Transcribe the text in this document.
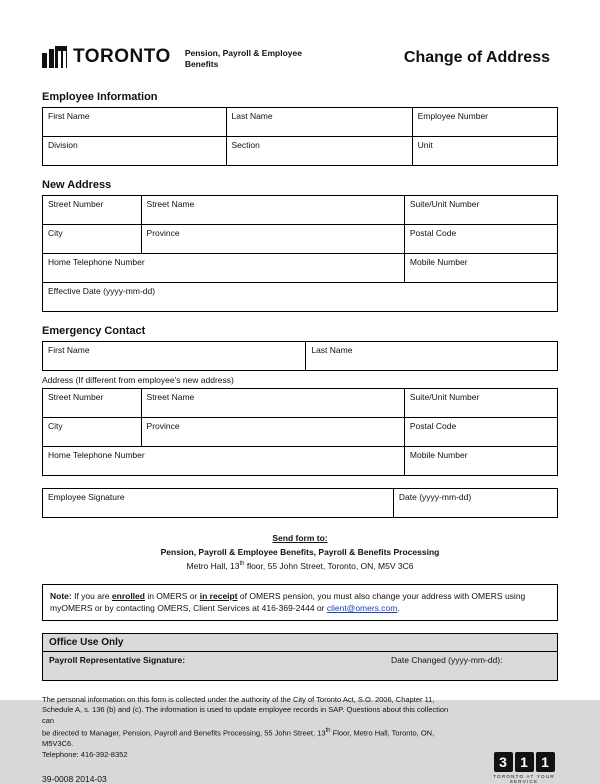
TORONTO Pension, Payroll & Employee Benefits	Change of Address
Employee Information
First Name	Last Name	Employee Number
Division	Section	Unit
New Address
Street Number	Street Name	Suite/Unit Number
City	Province	Postal Code
Home Telephone Number		Mobile Number
Effective Date (yyyy-mm-dd)		
Emergency Contact
First Name	Last Name
Address (If different from employee's new address)
Street Number	Street Name	Suite/Unit Number
City	Province	Postal Code
Home Telephone Number		Mobile Number
Employee Signature	Date (yyyy-mm-dd)
Send form to:
Pension, Payroll & Employee Benefits, Payroll & Benefits Processing
Metro Hall, 13th floor, 55 John Street, Toronto, ON, M5V 3C6
Note: If you are enrolled in OMERS or in receipt of OMERS pension, you must also change your address with OMERS using myOMERS or by contacting OMERS, Client Services at 416-369-2444 or client@omers.com.
Office Use Only
Payroll Representative Signature:	Date Changed (yyyy-mm-dd):
The personal information on this form is collected under the authority of the City of Toronto Act, S.O. 2006, Chapter 11,
Schedule A, s. 136 (b) and (c). The information is used to update employee records in SAP. Questions about this collection can
be directed to Manager, Pension, Payroll and Benefits Processing, 55 John Street, 13th Floor, Metro Hall, Toronto, ON, M5V3C6.
Telephone: 416-392-8352
39-0008 2014-03
3 1 1
TORONTO AT YOUR SERVICE
